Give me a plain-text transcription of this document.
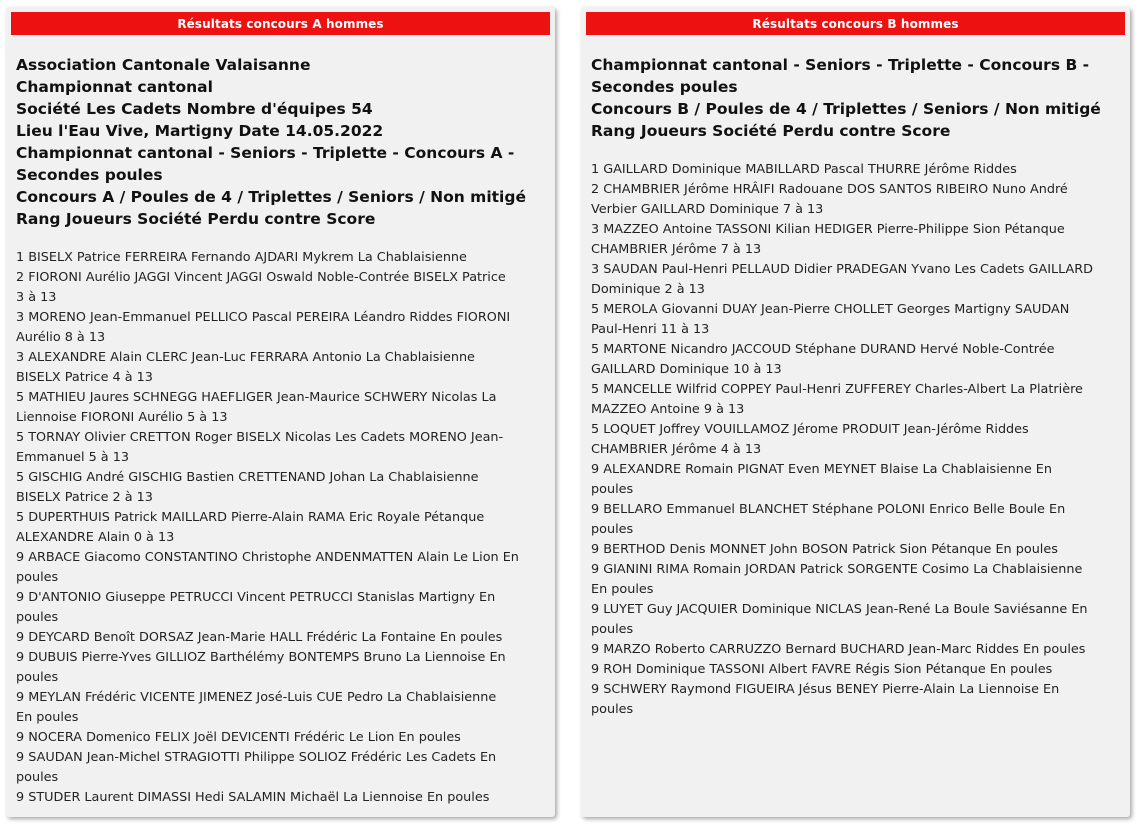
Résultats concours A hommes
Association Cantonale Valaisanne
Championnat cantonal
Société Les Cadets Nombre d'équipes 54
Lieu l'Eau Vive, Martigny Date 14.05.2022
Championnat cantonal - Seniors - Triplette - Concours A -
Secondes poules
Concours A / Poules de 4 / Triplettes / Seniors / Non mitigé
Rang Joueurs Société Perdu contre Score
1 BISELX Patrice FERREIRA Fernando AJDARI Mykrem La Chablaisienne
2 FIORONI Aurélio JAGGI Vincent JAGGI Oswald Noble-Contrée BISELX Patrice
3 à 13
3 MORENO Jean-Emmanuel PELLICO Pascal PEREIRA Léandro Riddes FIORONI
Aurélio 8 à 13
3 ALEXANDRE Alain CLERC Jean-Luc FERRARA Antonio La Chablaisienne
BISELX Patrice 4 à 13
5 MATHIEU Jaures SCHNEGG HAEFLIGER Jean-Maurice SCHWERY Nicolas La
Liennoise FIORONI Aurélio 5 à 13
5 TORNAY Olivier CRETTON Roger BISELX Nicolas Les Cadets MORENO Jean-
Emmanuel 5 à 13
5 GISCHIG André GISCHIG Bastien CRETTENAND Johan La Chablaisienne
BISELX Patrice 2 à 13
5 DUPERTHUIS Patrick MAILLARD Pierre-Alain RAMA Eric Royale Pétanque
ALEXANDRE Alain 0 à 13
9 ARBACE Giacomo CONSTANTINO Christophe ANDENMATTEN Alain Le Lion En
poules
9 D'ANTONIO Giuseppe PETRUCCI Vincent PETRUCCI Stanislas Martigny En
poules
9 DEYCARD Benoît DORSAZ Jean-Marie HALL Frédéric La Fontaine En poules
9 DUBUIS Pierre-Yves GILLIOZ Barthélémy BONTEMPS Bruno La Liennoise En
poules
9 MEYLAN Frédéric VICENTE JIMENEZ José-Luis CUE Pedro La Chablaisienne
En poules
9 NOCERA Domenico FELIX Joël DEVICENTI Frédéric Le Lion En poules
9 SAUDAN Jean-Michel STRAGIOTTI Philippe SOLIOZ Frédéric Les Cadets En
poules
9 STUDER Laurent DIMASSI Hedi SALAMIN Michaël La Liennoise En poules
Résultats concours B hommes
Championnat cantonal - Seniors - Triplette - Concours B -
Secondes poules
Concours B / Poules de 4 / Triplettes / Seniors / Non mitigé
Rang Joueurs Société Perdu contre Score
1 GAILLARD Dominique MABILLARD Pascal THURRE Jérôme Riddes
2 CHAMBRIER Jérôme HRÂIFI Radouane DOS SANTOS RIBEIRO Nuno André
Verbier GAILLARD Dominique 7 à 13
3 MAZZEO Antoine TASSONI Kilian HEDIGER Pierre-Philippe Sion Pétanque
CHAMBRIER Jérôme 7 à 13
3 SAUDAN Paul-Henri PELLAUD Didier PRADEGAN Yvano Les Cadets GAILLARD
Dominique 2 à 13
5 MEROLA Giovanni DUAY Jean-Pierre CHOLLET Georges Martigny SAUDAN
Paul-Henri 11 à 13
5 MARTONE Nicandro JACCOUD Stéphane DURAND Hervé Noble-Contrée
GAILLARD Dominique 10 à 13
5 MANCELLE Wilfrid COPPEY Paul-Henri ZUFFEREY Charles-Albert La Platrière
MAZZEO Antoine 9 à 13
5 LOQUET Joffrey VOUILLAMOZ Jérome PRODUIT Jean-Jérôme Riddes
CHAMBRIER Jérôme 4 à 13
9 ALEXANDRE Romain PIGNAT Even MEYNET Blaise La Chablaisienne En
poules
9 BELLARO Emmanuel BLANCHET Stéphane POLONI Enrico Belle Boule En
poules
9 BERTHOD Denis MONNET John BOSON Patrick Sion Pétanque En poules
9 GIANINI RIMA Romain JORDAN Patrick SORGENTE Cosimo La Chablaisienne
En poules
9 LUYET Guy JACQUIER Dominique NICLAS Jean-René La Boule Saviésanne En
poules
9 MARZO Roberto CARRUZZO Bernard BUCHARD Jean-Marc Riddes En poules
9 ROH Dominique TASSONI Albert FAVRE Régis Sion Pétanque En poules
9 SCHWERY Raymond FIGUEIRA Jésus BENEY Pierre-Alain La Liennoise En
poules
